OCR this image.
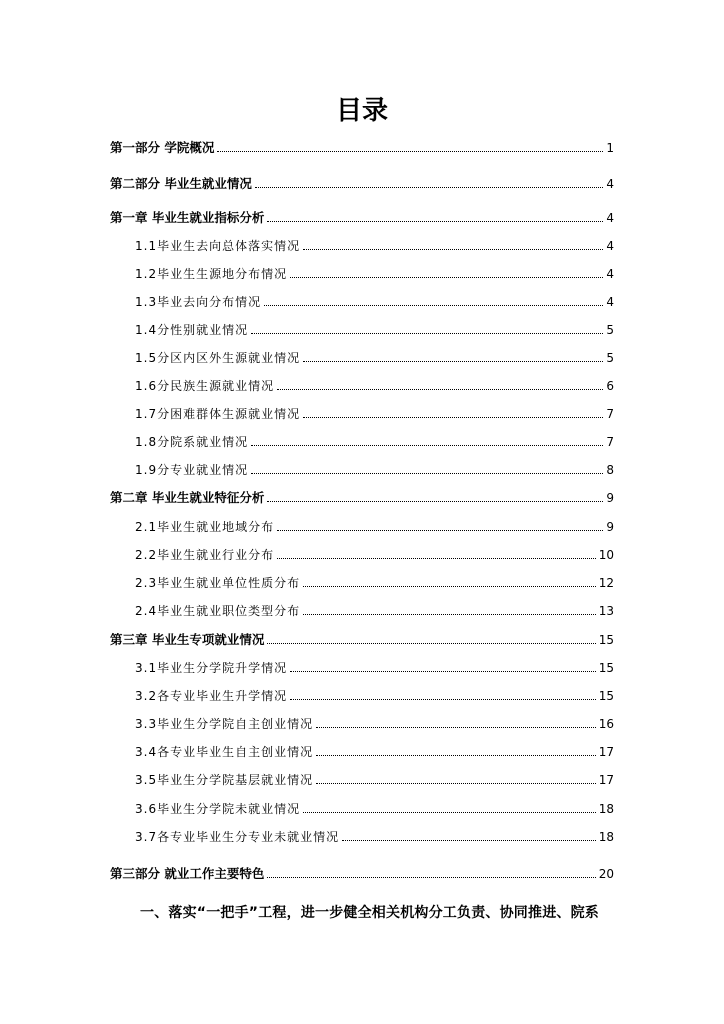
目录
第一部分 学院概况	1
第二部分 毕业生就业情况	4
第一章 毕业生就业指标分析	4
1.1毕业生去向总体落实情况	4
1.2毕业生生源地分布情况	4
1.3毕业去向分布情况	4
1.4分性别就业情况	5
1.5分区内区外生源就业情况	5
1.6分民族生源就业情况	6
1.7分困难群体生源就业情况	7
1.8分院系就业情况	7
1.9分专业就业情况	8
第二章 毕业生就业特征分析	9
2.1毕业生就业地域分布	9
2.2毕业生就业行业分布	10
2.3毕业生就业单位性质分布	12
2.4毕业生就业职位类型分布	13
第三章 毕业生专项就业情况	15
3.1毕业生分学院升学情况	15
3.2各专业毕业生升学情况	15
3.3毕业生分学院自主创业情况	16
3.4各专业毕业生自主创业情况	17
3.5毕业生分学院基层就业情况	17
3.6毕业生分学院未就业情况	18
3.7各专业毕业生分专业未就业情况	18
第三部分 就业工作主要特色	20
一、落实“一把手”工程，进一步健全相关机构分工负责、协同推进、院系
